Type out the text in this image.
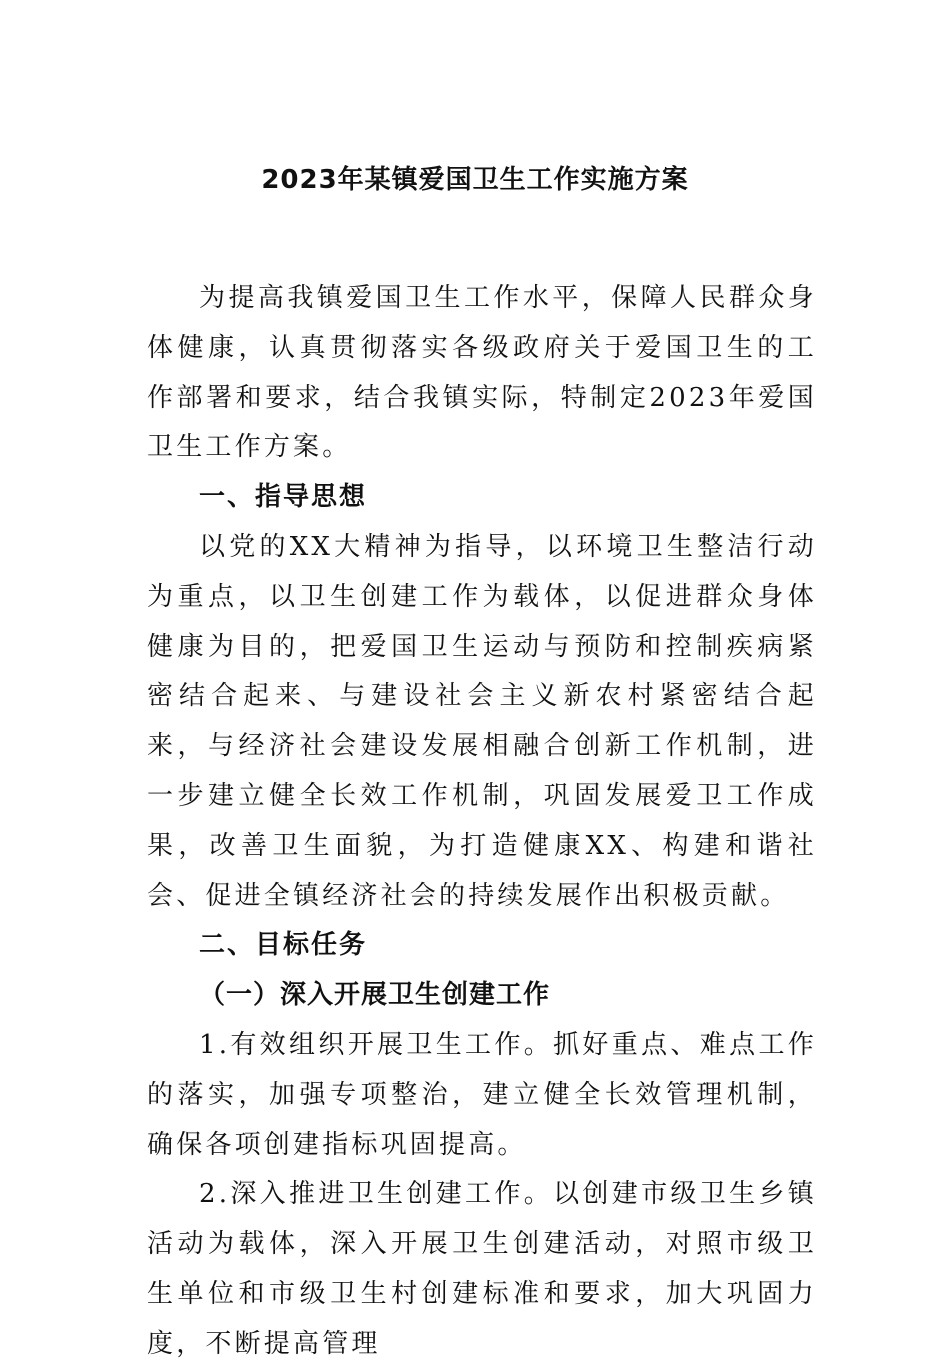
2023年某镇爱国卫生工作实施方案

为提高我镇爱国卫生工作水平，保障人民群众身体健康，认真贯彻落实各级政府关于爱国卫生的工作部署和要求，结合我镇实际，特制定2023年爱国卫生工作方案。

一、指导思想

以党的XX大精神为指导，以环境卫生整洁行动为重点，以卫生创建工作为载体，以促进群众身体健康为目的，把爱国卫生运动与预防和控制疾病紧密结合起来、与建设社会主义新农村紧密结合起来，与经济社会建设发展相融合创新工作机制，进一步建立健全长效工作机制，巩固发展爱卫工作成果，改善卫生面貌，为打造健康XX、构建和谐社会、促进全镇经济社会的持续发展作出积极贡献。

二、目标任务

（一）深入开展卫生创建工作

1.有效组织开展卫生工作。抓好重点、难点工作的落实，加强专项整治，建立健全长效管理机制，确保各项创建指标巩固提高。

2.深入推进卫生创建工作。以创建市级卫生乡镇活动为载体，深入开展卫生创建活动，对照市级卫生单位和市级卫生村创建标准和要求，加大巩固力度，不断提高管理
